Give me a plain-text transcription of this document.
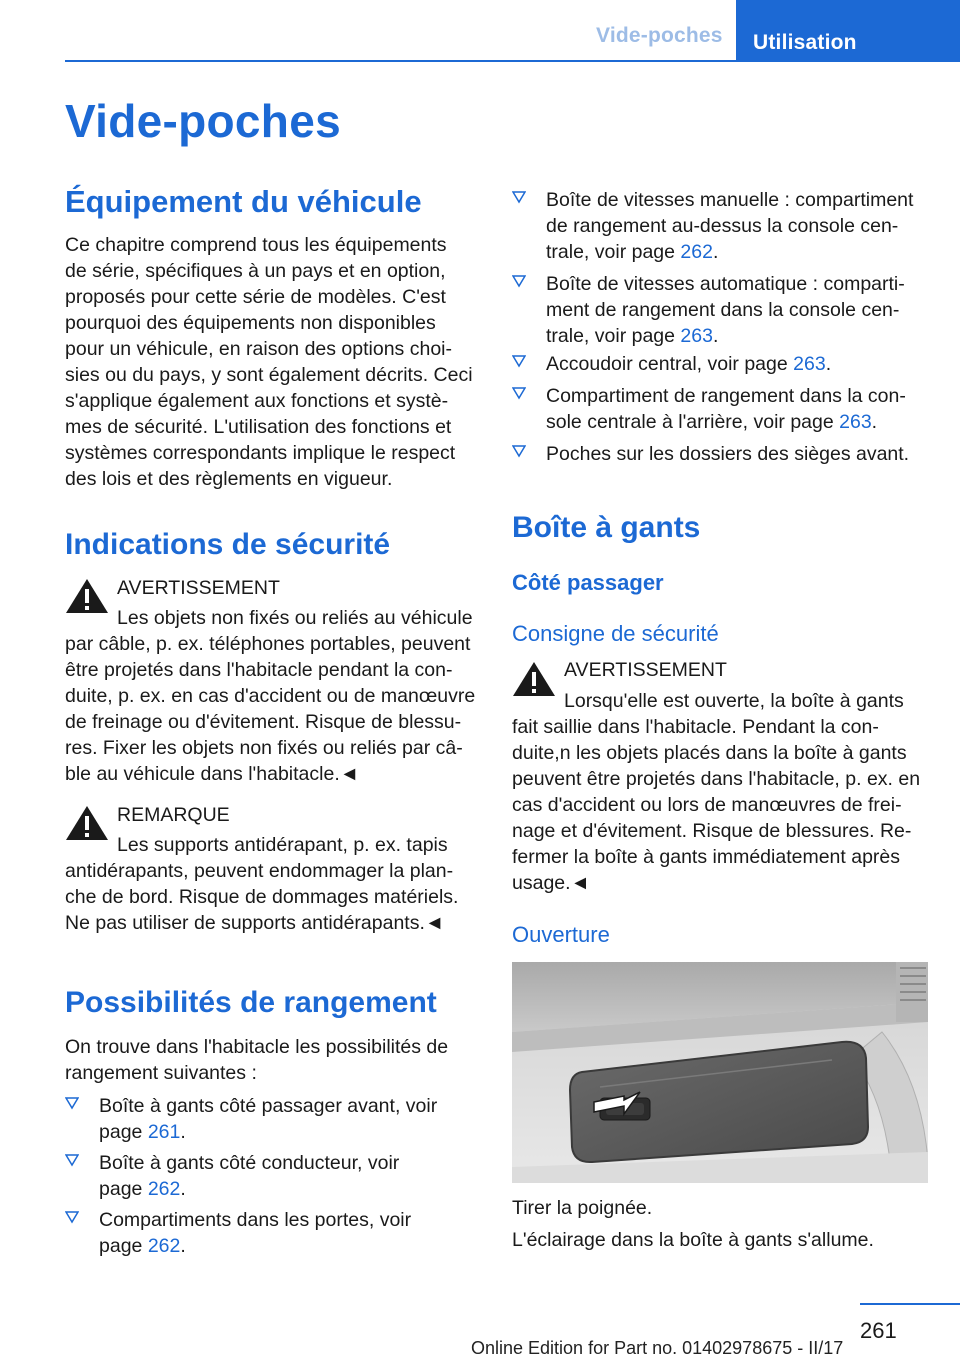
Vide-poches	Utilisation
Vide-poches
Équipement du véhicule
Ce chapitre comprend tous les équipements
de série, spécifiques à un pays et en option,
proposés pour cette série de modèles. C'est
pourquoi des équipements non disponibles
pour un véhicule, en raison des options choi-
sies ou du pays, y sont également décrits. Ceci
s'applique également aux fonctions et systè-
mes de sécurité. L'utilisation des fonctions et
systèmes correspondants implique le respect
des lois et des règlements en vigueur.
Indications de sécurité
AVERTISSEMENT
Les objets non fixés ou reliés au véhicule
par câble, p. ex. téléphones portables, peuvent
être projetés dans l'habitacle pendant la con-
duite, p. ex. en cas d'accident ou de manœuvre
de freinage ou d'évitement. Risque de blessu-
res. Fixer les objets non fixés ou reliés par câ-
ble au véhicule dans l'habitacle.◄
REMARQUE
Les supports antidérapant, p. ex. tapis
antidérapants, peuvent endommager la plan-
che de bord. Risque de dommages matériels.
Ne pas utiliser de supports antidérapants.◄
Possibilités de rangement
On trouve dans l'habitacle les possibilités de
rangement suivantes :
Boîte à gants côté passager avant, voir
page 261.
Boîte à gants côté conducteur, voir
page 262.
Compartiments dans les portes, voir
page 262.
Boîte de vitesses manuelle : compartiment
de rangement au-dessus la console cen-
trale, voir page 262.
Boîte de vitesses automatique : comparti-
ment de rangement dans la console cen-
trale, voir page 263.
Accoudoir central, voir page 263.
Compartiment de rangement dans la con-
sole centrale à l'arrière, voir page 263.
Poches sur les dossiers des sièges avant.
Boîte à gants
Côté passager
Consigne de sécurité
AVERTISSEMENT
Lorsqu'elle est ouverte, la boîte à gants
fait saillie dans l'habitacle. Pendant la con-
duite,n les objets placés dans la boîte à gants
peuvent être projetés dans l'habitacle, p. ex. en
cas d'accident ou lors de manœuvres de frei-
nage et d'évitement. Risque de blessures. Re-
fermer la boîte à gants immédiatement après
usage.◄
Ouverture
Tirer la poignée.
L'éclairage dans la boîte à gants s'allume.
261
Online Edition for Part no. 01402978675 - II/17
